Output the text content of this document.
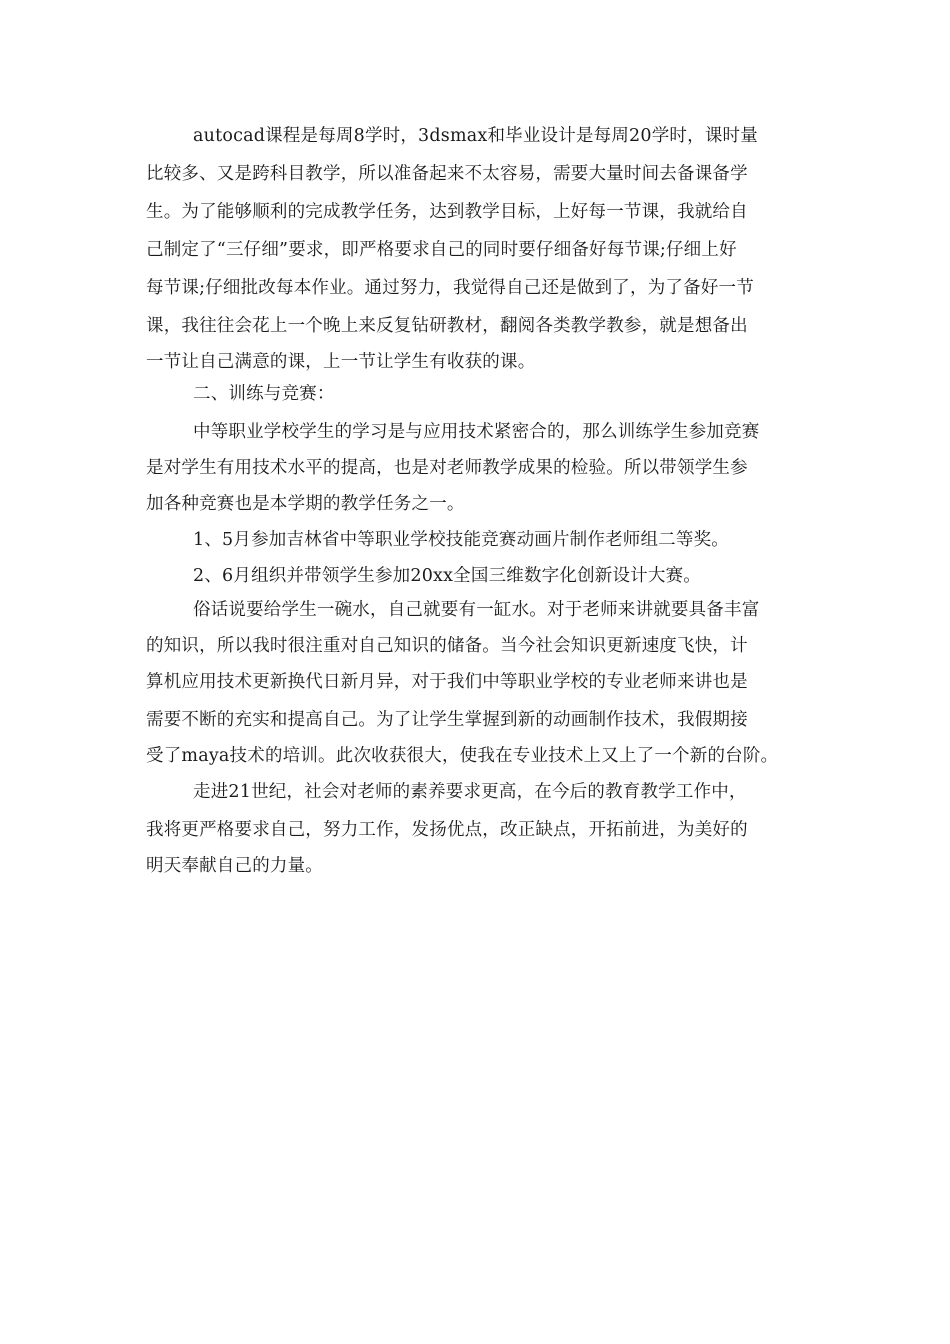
autocad课程是每周8学时，3dsmax和毕业设计是每周20学时，课时量
比较多、又是跨科目教学，所以准备起来不太容易，需要大量时间去备课备学
生。为了能够顺利的完成教学任务，达到教学目标，上好每一节课，我就给自
己制定了“三仔细”要求，即严格要求自己的同时要仔细备好每节课;仔细上好
每节课;仔细批改每本作业。通过努力，我觉得自己还是做到了，为了备好一节
课，我往往会花上一个晚上来反复钻研教材，翻阅各类教学教参，就是想备出
一节让自己满意的课，上一节让学生有收获的课。
二、训练与竞赛：
中等职业学校学生的学习是与应用技术紧密合的，那么训练学生参加竞赛
是对学生有用技术水平的提高，也是对老师教学成果的检验。所以带领学生参
加各种竞赛也是本学期的教学任务之一。
1、5月参加吉林省中等职业学校技能竞赛动画片制作老师组二等奖。
2、6月组织并带领学生参加20xx全国三维数字化创新设计大赛。
俗话说要给学生一碗水，自己就要有一缸水。对于老师来讲就要具备丰富
的知识，所以我时很注重对自己知识的储备。当今社会知识更新速度飞快，计
算机应用技术更新换代日新月异，对于我们中等职业学校的专业老师来讲也是
需要不断的充实和提高自己。为了让学生掌握到新的动画制作技术，我假期接
受了maya技术的培训。此次收获很大，使我在专业技术上又上了一个新的台阶。
走进21世纪，社会对老师的素养要求更高，在今后的教育教学工作中，
我将更严格要求自己，努力工作，发扬优点，改正缺点，开拓前进，为美好的
明天奉献自己的力量。
